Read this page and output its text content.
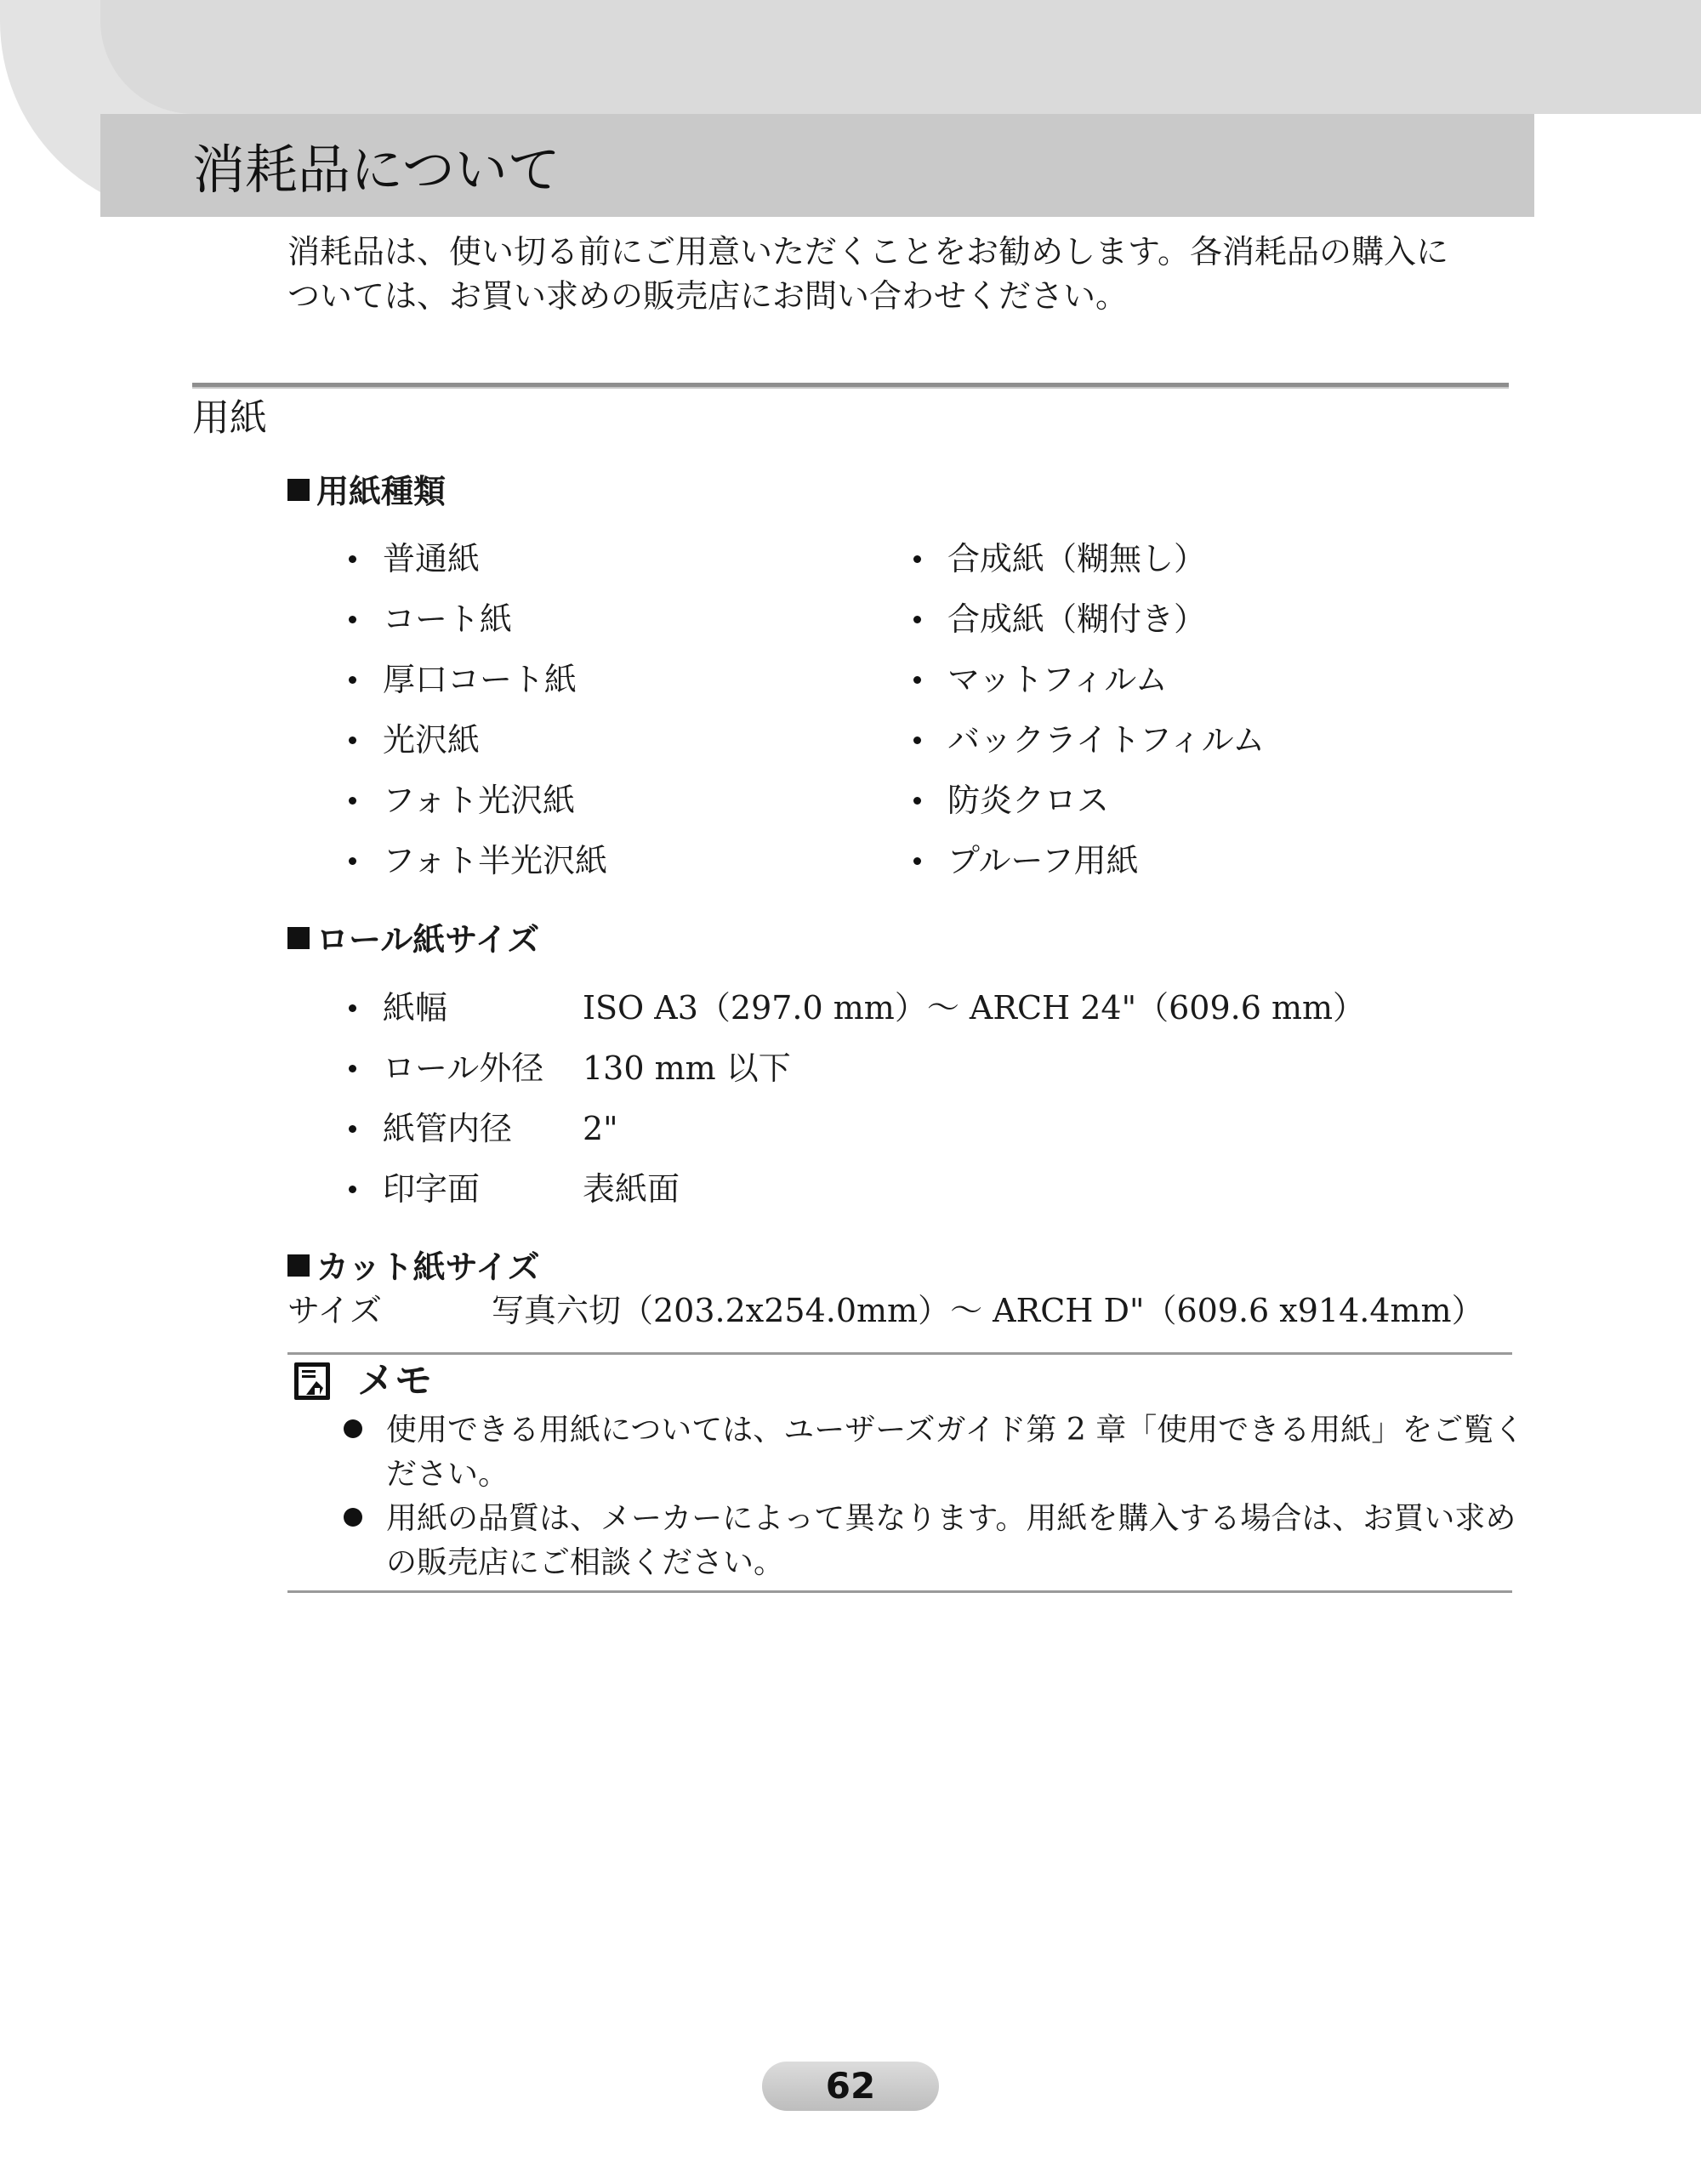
消耗品について

消耗品は、使い切る前にご用意いただくことをお勧めします。各消耗品の購入に

ついては、お買い求めの販売店にお問い合わせください。

用紙
用紙種類
普通紙
コート紙
厚口コート紙
光沢紙
フォト光沢紙
フォト半光沢紙
合成紙（糊無し）
合成紙（糊付き）
マットフィルム
バックライトフィルム
防炎クロス
プルーフ用紙
ロール紙サイズ
紙幅	ISO A3（297.0 mm）～ ARCH 24"（609.6 mm）
ロール外径 130 mm 以下
紙管内径 2"
印字面	表紙面
カット紙サイズ
サイズ	写真六切（203.2x254.0mm）～ ARCH D"（609.6 x914.4mm）
メモ
使用できる用紙については、ユーザーズガイド第 2 章「使用できる用紙」をご覧く
ださい。
用紙の品質は、メーカーによって異なります。用紙を購入する場合は、お買い求め
の販売店にご相談ください。
62
